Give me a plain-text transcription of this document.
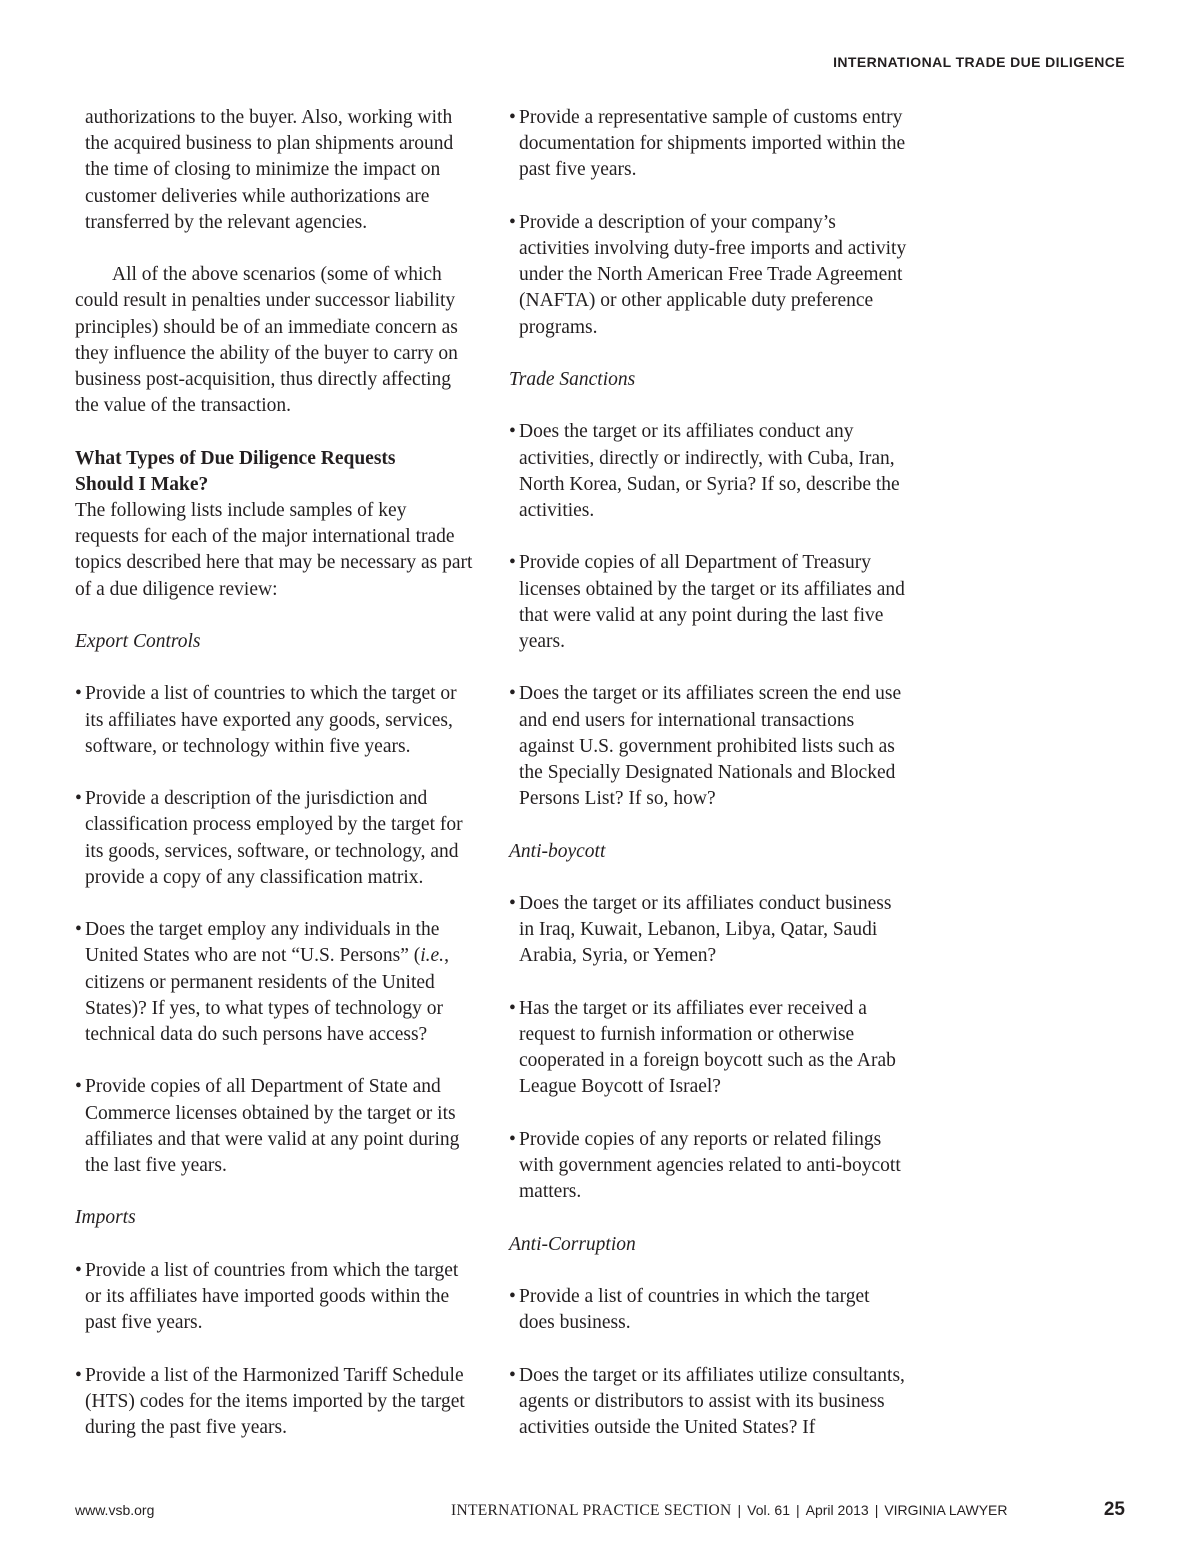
INTERNATIONAL TRADE DUE DILIGENCE

authorizations to the buyer. Also, working with the acquired business to plan shipments around the time of closing to minimize the impact on customer deliveries while authorizations are transferred by the relevant agencies.

All of the above scenarios (some of which could result in penalties under successor liability principles) should be of an immediate concern as they influence the ability of the buyer to carry on business post-acquisition, thus directly affecting the value of the transaction.

What Types of Due Diligence Requests
Should I Make?

The following lists include samples of key requests for each of the major international trade topics described here that may be necessary as part of a due diligence review:

Export Controls
• Provide a list of countries to which the target or its affiliates have exported any goods, services, software, or technology within five years.
• Provide a description of the jurisdiction and classification process employed by the target for its goods, services, software, or technology, and provide a copy of any classification matrix.
• Does the target employ any individuals in the United States who are not “U.S. Persons” (i.e., citizens or permanent residents of the United States)? If yes, to what types of technology or technical data do such persons have access?
• Provide copies of all Department of State and Commerce licenses obtained by the target or its affiliates and that were valid at any point during the last five years.
Imports
• Provide a list of countries from which the target or its affiliates have imported goods within the past five years.
• Provide a list of the Harmonized Tariff Schedule (HTS) codes for the items imported by the target during the past five years.
• Provide a representative sample of customs entry documentation for shipments imported within the past five years.
• Provide a description of your company’s activities involving duty-free imports and activity under the North American Free Trade Agreement (NAFTA) or other applicable duty preference programs.
Trade Sanctions
• Does the target or its affiliates conduct any activities, directly or indirectly, with Cuba, Iran, North Korea, Sudan, or Syria? If so, describe the activities.
• Provide copies of all Department of Treasury licenses obtained by the target or its affiliates and that were valid at any point during the last five years.
• Does the target or its affiliates screen the end use and end users for international transactions against U.S. government prohibited lists such as the Specially Designated Nationals and Blocked Persons List? If so, how?
Anti-boycott
• Does the target or its affiliates conduct business in Iraq, Kuwait, Lebanon, Libya, Qatar, Saudi Arabia, Syria, or Yemen?
• Has the target or its affiliates ever received a request to furnish information or otherwise cooperated in a foreign boycott such as the Arab League Boycott of Israel?
• Provide copies of any reports or related filings with government agencies related to anti-boycott matters.
Anti-Corruption
• Provide a list of countries in which the target does business.
• Does the target or its affiliates utilize consultants, agents or distributors to assist with its business activities outside the United States? If
www.vsb.org	INTERNATIONAL PRACTICE SECTION | Vol. 61 | April 2013 | VIRGINIA LAWYER	25
